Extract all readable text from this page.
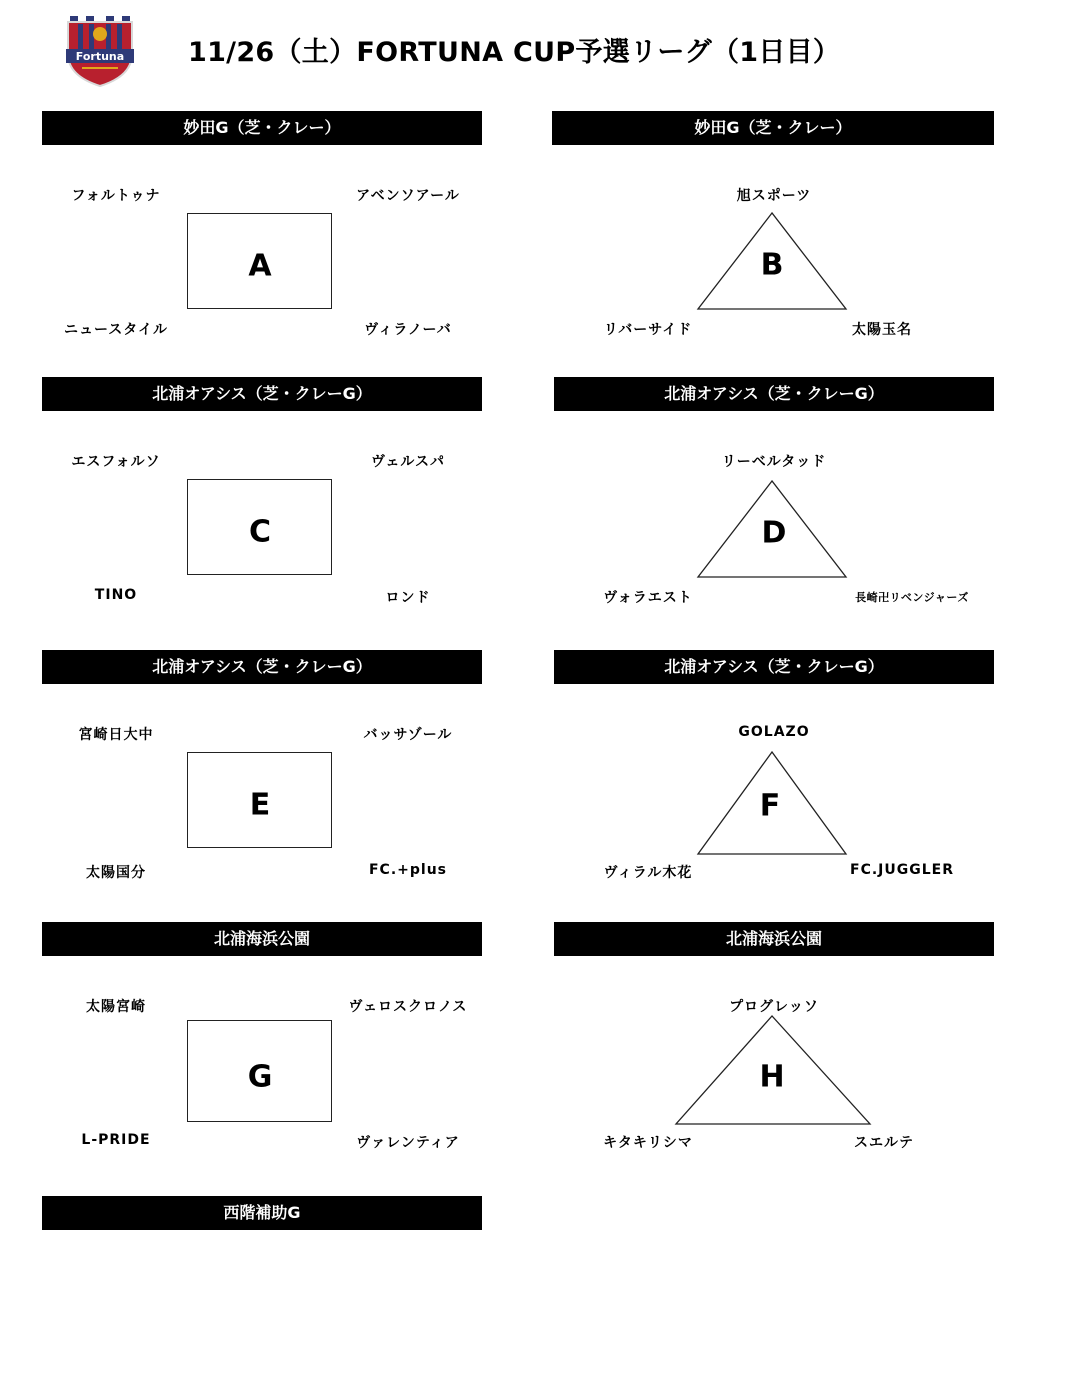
Fortuna 11/26（土）FORTUNA CUP予選リーグ（1日目）
妙田G（芝・クレー）
A
フォルトゥナ	アベンソアール
ニュースタイル	ヴィラノーバ
妙田G（芝・クレー）
B
旭スポーツ
リバーサイド	太陽玉名
北浦オアシス（芝・クレーG）
C
エスフォルソ	ヴェルスパ
TINO	ロンド
北浦オアシス（芝・クレーG）
D
リーベルタッド
ヴォラエスト	長崎卍リベンジャーズ
北浦オアシス（芝・クレーG）
E
宮崎日大中	バッサゾール
太陽国分	FC.+plus
北浦オアシス（芝・クレーG）
F
GOLAZO
ヴィラル木花	FC.JUGGLER
北浦海浜公園
G
太陽宮崎	ヴェロスクロノス
L-PRIDE	ヴァレンティア
北浦海浜公園
H
プログレッソ
キタキリシマ	スエルテ
西階補助G
